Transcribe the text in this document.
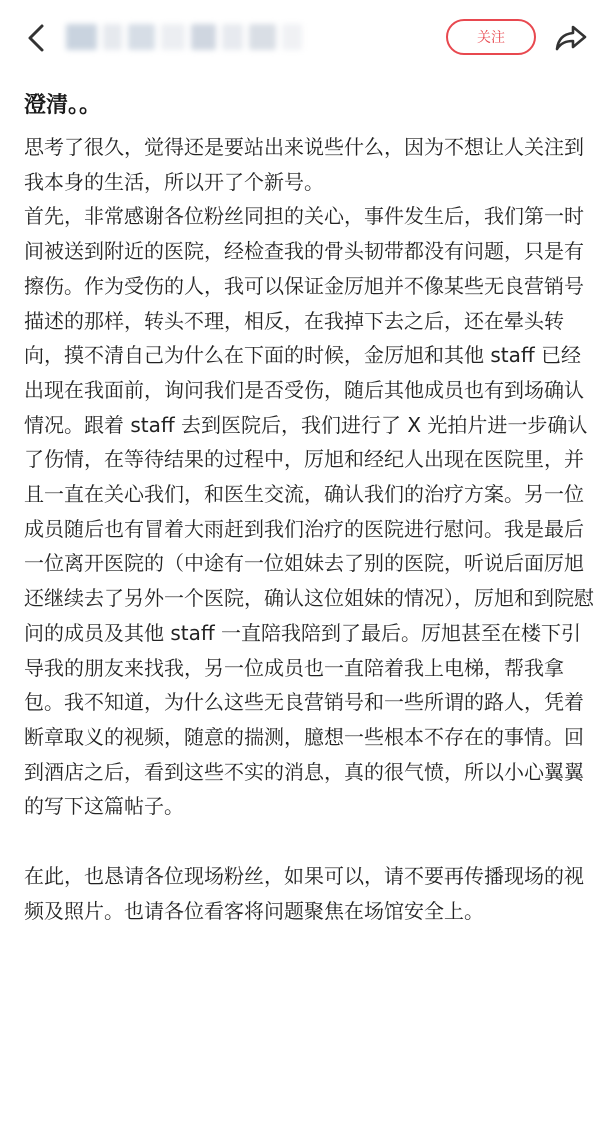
关注
澄清。。

思考了很久，觉得还是要站出来说些什么，因为不想让人关注到我本身的生活，所以开了个新号。

首先，非常感谢各位粉丝同担的关心，事件发生后，我们第一时间被送到附近的医院，经检查我的骨头韧带都没有问题，只是有擦伤。作为受伤的人，我可以保证金厉旭并不像某些无良营销号描述的那样，转头不理，相反，在我掉下去之后，还在晕头转向，摸不清自己为什么在下面的时候，金厉旭和其他 staff 已经出现在我面前，询问我们是否受伤，随后其他成员也有到场确认情况。跟着 staff 去到医院后，我们进行了 X 光拍片进一步确认了伤情，在等待结果的过程中，厉旭和经纪人出现在医院里，并且一直在关心我们，和医生交流，确认我们的治疗方案。另一位成员随后也有冒着大雨赶到我们治疗的医院进行慰问。我是最后一位离开医院的（中途有一位姐妹去了别的医院，听说后面厉旭还继续去了另外一个医院，确认这位姐妹的情况），厉旭和到院慰问的成员及其他 staff 一直陪我陪到了最后。厉旭甚至在楼下引导我的朋友来找我，另一位成员也一直陪着我上电梯，帮我拿包。我不知道，为什么这些无良营销号和一些所谓的路人，凭着断章取义的视频，随意的揣测，臆想一些根本不存在的事情。回到酒店之后，看到这些不实的消息，真的很气愤，所以小心翼翼的写下这篇帖子。

在此，也恳请各位现场粉丝，如果可以，请不要再传播现场的视频及照片。也请各位看客将问题聚焦在场馆安全上。
